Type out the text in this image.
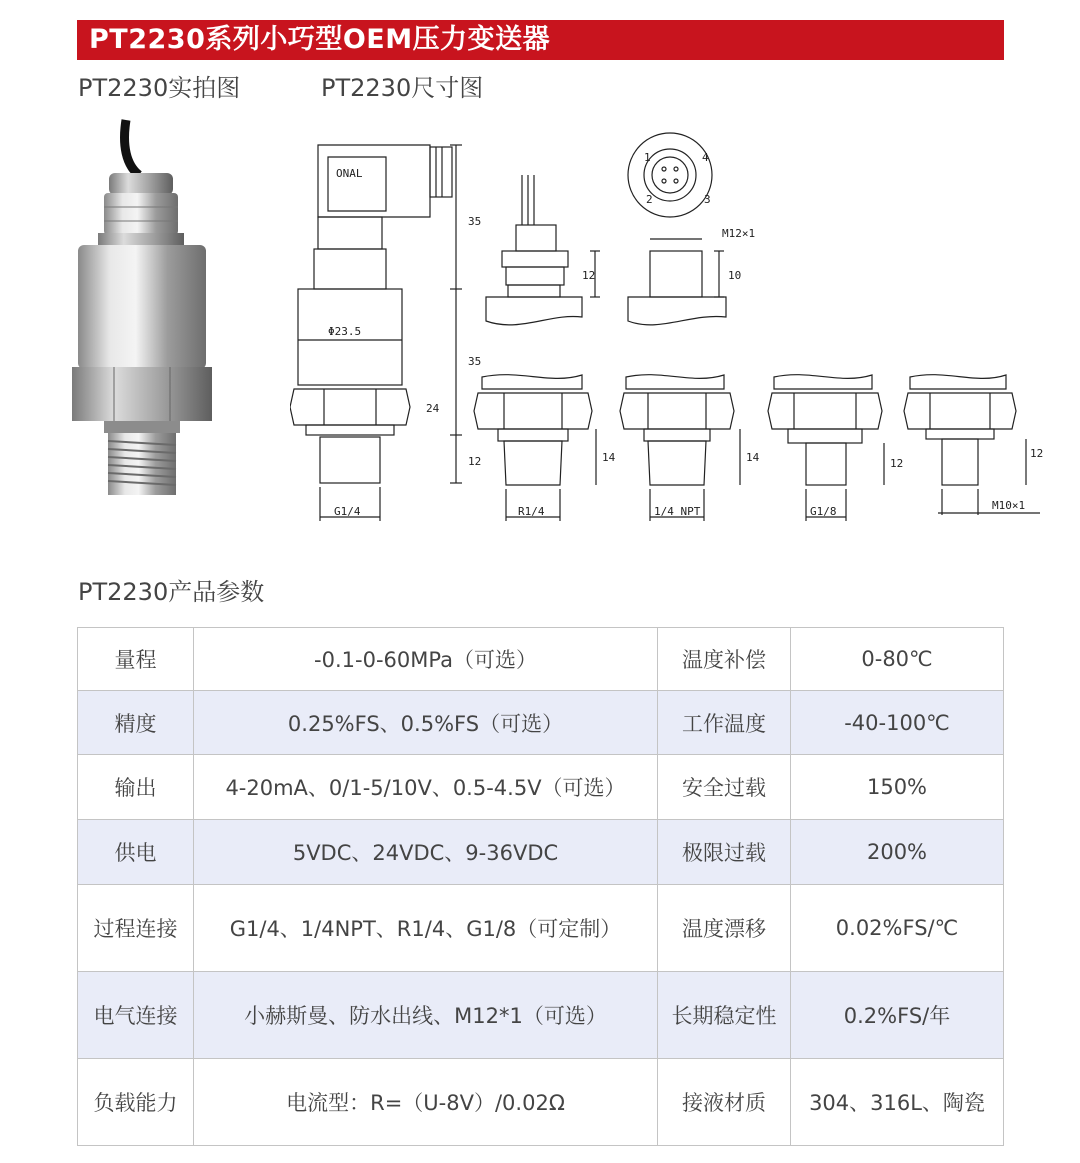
PT2230系列小巧型OEM压力变送器
PT2230实拍图	PT2230尺寸图
ONAL
Φ23.5
35
35
12
24
G1/4
12
1	4
2	3
M12×1
10
R1/4
14
1/4 NPT
14
G1/8
12
M10×1
12
PT2230产品参数
量程	-0.1-0-60MPa（可选）	温度补偿	0-80℃
精度	0.25%FS、0.5%FS（可选）	工作温度	-40-100℃
输出	4-20mA、0/1-5/10V、0.5-4.5V（可选）	安全过载	150%
供电	5VDC、24VDC、9-36VDC	极限过载	200%
过程连接	G1/4、1/4NPT、R1/4、G1/8（可定制）	温度漂移	0.02%FS/℃
电气连接	小赫斯曼、防水出线、M12*1（可选）	长期稳定性	0.2%FS/年
负载能力	电流型：R=（U-8V）/0.02Ω	接液材质	304、316L、陶瓷
